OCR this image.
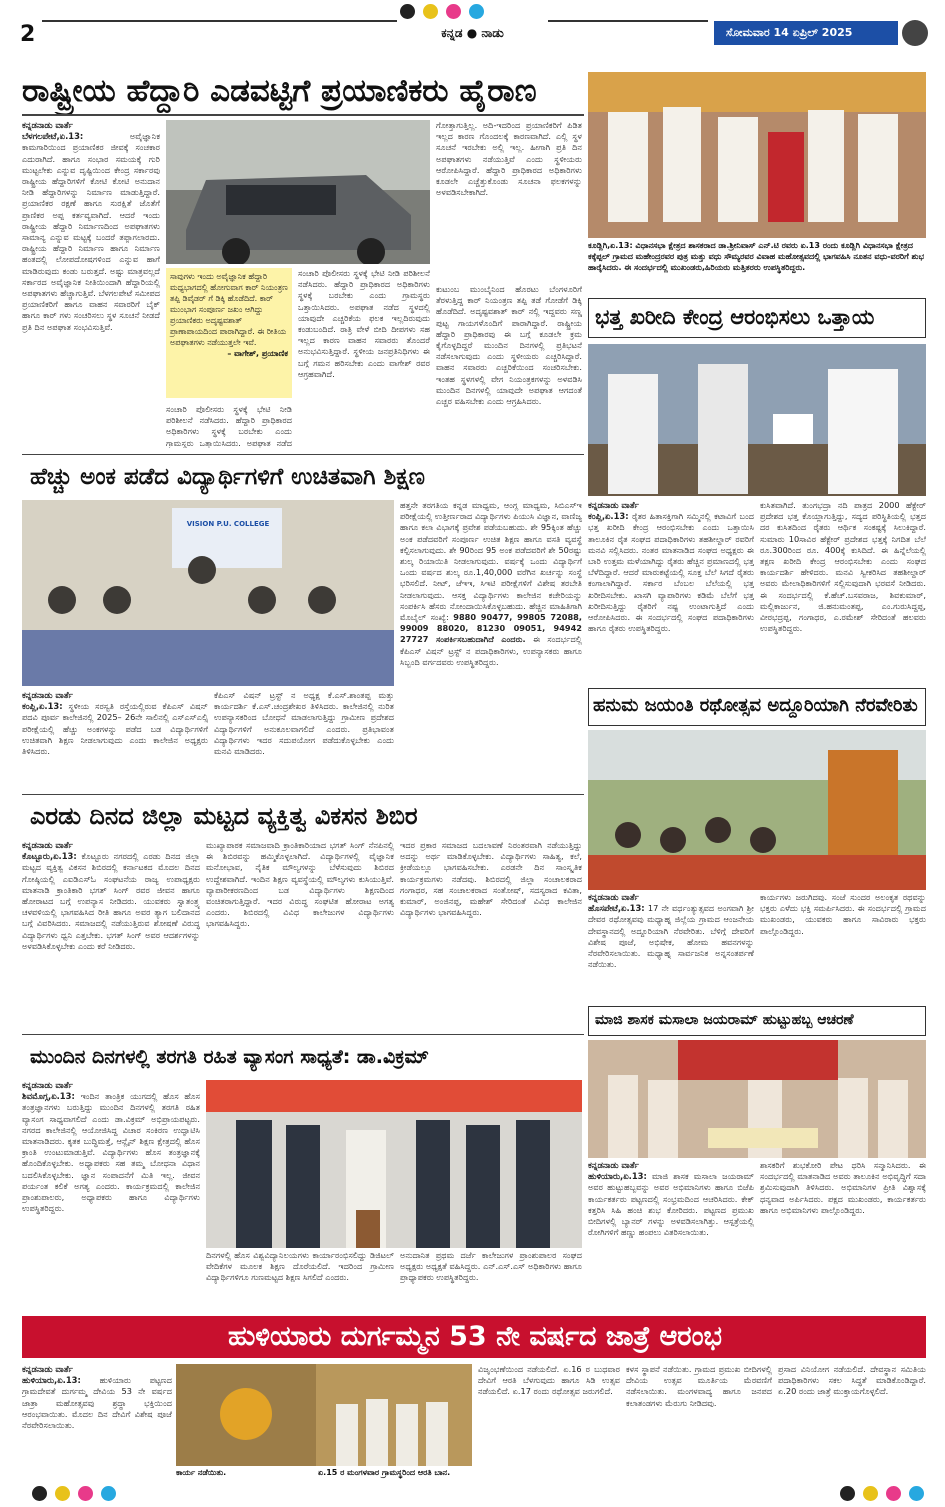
2	ಕನ್ನಡ ● ನಾಡು	ಸೋಮವಾರ 14 ಏಪ್ರಿಲ್ 2025
ರಾಷ್ಟ್ರೀಯ ಹೆದ್ದಾರಿ ಎಡವಟ್ಟಿಗೆ ಪ್ರಯಾಣಿಕರು ಹೈರಾಣ
ಕನ್ನಡನಾಡು ವಾರ್ತೆ
ಬೆಳಗಲಪೇಟೆ,ಏ.13:	ಅವೈಜ್ಞಾನಿಕ ಕಾಮಗಾರಿಯಿಂದ ಪ್ರಯಾಣಿಕರ ಜೀವಕ್ಕೆ ಸಂಚಕಾರ ಎದುರಾಗಿದೆ. ಹಾಗೂ ಸಂಭಾರ ಸಮಯಕ್ಕೆ ಗುರಿ ಮುಟ್ಟಲೇಕು ಎನ್ನುವ ದೃಷ್ಟಿಯಿಂದ ಕೇಂದ್ರ ಸರ್ಕಾರವು ರಾಷ್ಟ್ರೀಯ ಹೆದ್ದಾರಿಗಳಿಗೆ ಕೋಟಿ ಕೋಟಿ ಅನುದಾನ ನೀಡಿ ಹೆದ್ದಾರಿಗಳನ್ನು ನಿರ್ಮಾಣ ಮಾಡುತ್ತಿದ್ದಾರೆ. ಪ್ರಯಾಣಿಕರ ರಕ್ಷಣೆ ಹಾಗೂ ಸುರಕ್ಷಿತೆ ಜೊತೆಗೆ ಪ್ರಾಣಿಕರ ಅಪ್ಪ ಕರ್ತವ್ಯವಾಗಿದೆ. ಆದರೆ ಇಂದು ರಾಷ್ಟ್ರೀಯ ಹೆದ್ದಾರಿ ನಿರ್ಮಾಣದಿಂದ ಅಪಘಾತಗಳು ಸಾಮಾನ್ಯ ಎನ್ನುವ ಮಟ್ಟಕ್ಕೆ ಬಂದರೆ ತಪ್ಪಾಗಲಾರದು. ರಾಷ್ಟ್ರೀಯ ಹೆದ್ದಾರಿ ನಿರ್ಮಾಣ ಹಾಗೂ ನಿರ್ಮಾಣ ಹಂತದಲ್ಲಿ ಲೋಪದೋಷಗಳಿಂದ ಎನ್ನುವ ಹಾಗೆ ಮಾಡಿರುವುದು ಕಂಡು ಬರುತ್ತದೆ. ಅಷ್ಟು ಮಾತ್ರವಲ್ಲದೆ ಸರ್ಕಾರದ ಅವೈಜ್ಞಾನಿಕ ನೀತಿಯಿಂದಾಗಿ ಹೆದ್ದಾರಿಯಲ್ಲಿ ಅಪಘಾತಗಳು ಹೆಚ್ಚಾಗುತ್ತಿವೆ. ಬೆಳಗಲಪೇಟೆ ಸಮೀಪದ ಪ್ರಯಾಣಿಕರಿಗೆ ಹಾಗೂ ವಾಹನ ಸವಾರರಿಗೆ ಬೈಕ್ ಹಾಗೂ ಕಾರ್ ಗಳು ಸಂಚರಿಸಲು ಸ್ಥಳ ಸೂಚನೆ ನೀಡದೆ ಪ್ರತಿ ದಿನ ಅಪಘಾತ ಸಂಭವಿಸುತ್ತಿವೆ.
ಗೋತ್ತಾಗುತ್ತಿಲ್ಲ. ಅದಿ-ಇದರಿಂದ ಪ್ರಯಾಣಿಕರಿಗೆ ಪಿಡಿತ ಇಲ್ಲದ ಕಾರಣ ಗೊಂದಲಕ್ಕೆ ಕಾರಣವಾಗಿದೆ. ಎಲ್ಲಿ ಸ್ಥಳ ಸೂಚನೆ ಇರಬೇಕು ಅಲ್ಲಿ ಇಲ್ಲ. ಹೀಗಾಗಿ ಪ್ರತಿ ದಿನ ಅಪಘಾತಗಳು ನಡೆಯುತ್ತಿವೆ ಎಂದು ಸ್ಥಳೀಯರು ಆರೋಪಿಸಿದ್ದಾರೆ. ಹೆದ್ದಾರಿ ಪ್ರಾಧಿಕಾರದ ಅಧಿಕಾರಿಗಳು ಕೂಡಲೇ ಎಚ್ಚೆತ್ತುಕೊಂಡು ಸೂಚನಾ ಫಲಕಗಳನ್ನು ಅಳವಡಿಸಬೇಕಾಗಿದೆ.
ಸಾವುಗಳು ಇಂದು ಅವೈಜ್ಞಾನಿಕ ಹೆದ್ದಾರಿ ಮಧ್ಯಭಾಗದಲ್ಲಿ ಹೋಗುವಾಗ ಕಾರ್ ನಿಯಂತ್ರಣ ತಪ್ಪಿ ಡಿವೈಡರ್ ಗೆ ಡಿಕ್ಕಿ ಹೊಡೆದಿದೆ. ಕಾರ್ ಮುಂಭಾಗ ಸಂಪೂರ್ಣ ಜಖಂ ಆಗಿದ್ದು ಪ್ರಯಾಣಿಕರು ಅದೃಷ್ಟವಶಾತ್ ಪ್ರಾಣಾಪಾಯದಿಂದ ಪಾರಾಗಿದ್ದಾರೆ. ಈ ರೀತಿಯ ಅಪಘಾತಗಳು ನಡೆಯುತ್ತಲೇ ಇವೆ.
– ವಾಗೇಶ್, ಪ್ರಯಾಣಿಕ
ಸಂಚಾರಿ ಪೊಲೀಸರು ಸ್ಥಳಕ್ಕೆ ಭೇಟಿ ನೀಡಿ ಪರಿಶೀಲನೆ ನಡೆಸಿದರು. ಹೆದ್ದಾರಿ ಪ್ರಾಧಿಕಾರದ ಅಧಿಕಾರಿಗಳು ಸ್ಥಳಕ್ಕೆ ಬರಬೇಕು ಎಂದು ಗ್ರಾಮಸ್ಥರು ಒತ್ತಾಯಿಸಿದರು. ಅಪಘಾತ ನಡೆದ
ಸಂಚಾರಿ ಪೊಲೀಸರು ಸ್ಥಳಕ್ಕೆ ಭೇಟಿ ನೀಡಿ ಪರಿಶೀಲನೆ ನಡೆಸಿದರು. ಹೆದ್ದಾರಿ ಪ್ರಾಧಿಕಾರದ ಅಧಿಕಾರಿಗಳು ಸ್ಥಳಕ್ಕೆ ಬರಬೇಕು ಎಂದು ಗ್ರಾಮಸ್ಥರು ಒತ್ತಾಯಿಸಿದರು. ಅಪಘಾತ ನಡೆದ ಸ್ಥಳದಲ್ಲಿ ಯಾವುದೇ ಎಚ್ಚರಿಕೆಯ ಫಲಕ ಇಲ್ಲದಿರುವುದು ಕಂಡುಬಂದಿದೆ. ರಾತ್ರಿ ವೇಳೆ ಬೀದಿ ದೀಪಗಳು ಸಹ ಇಲ್ಲದ ಕಾರಣ ವಾಹನ ಸವಾರರು ತೊಂದರೆ ಅನುಭವಿಸುತ್ತಿದ್ದಾರೆ. ಸ್ಥಳೀಯ ಜನಪ್ರತಿನಿಧಿಗಳು ಈ ಬಗ್ಗೆ ಗಮನ ಹರಿಸಬೇಕು ಎಂದು ವಾಗೇಶ್ ರವರ ಆಗ್ರಹವಾಗಿದೆ.
ಕುಟುಂಬ ಮುಂಬೈನಿಂದ ಹೊರಟು ಬೆಂಗಳೂರಿಗೆ ತೆರಳುತ್ತಿದ್ದ ಕಾರ್ ನಿಯಂತ್ರಣ ತಪ್ಪಿ ತಡೆ ಗೋಡೆಗೆ ಡಿಕ್ಕಿ ಹೊಡೆದಿದೆ. ಅದೃಷ್ಟವಶಾತ್ ಕಾರ್ ನಲ್ಲಿ ಇದ್ದವರು ಸಣ್ಣ ಪುಟ್ಟ ಗಾಯಗಳೊಂದಿಗೆ ಪಾರಾಗಿದ್ದಾರೆ. ರಾಷ್ಟ್ರೀಯ ಹೆದ್ದಾರಿ ಪ್ರಾಧಿಕಾರವು ಈ ಬಗ್ಗೆ ಕೂಡಲೇ ಕ್ರಮ ಕೈಗೊಳ್ಳದಿದ್ದರೆ ಮುಂದಿನ ದಿನಗಳಲ್ಲಿ ಪ್ರತಿಭಟನೆ ನಡೆಸಲಾಗುವುದು ಎಂದು ಸ್ಥಳೀಯರು ಎಚ್ಚರಿಸಿದ್ದಾರೆ. ವಾಹನ ಸವಾರರು ಎಚ್ಚರಿಕೆಯಿಂದ ಸಂಚರಿಸಬೇಕು. ಇಂತಹ ಸ್ಥಳಗಳಲ್ಲಿ ವೇಗ ನಿಯಂತ್ರಕಗಳನ್ನು ಅಳವಡಿಸಿ ಮುಂದಿನ ದಿನಗಳಲ್ಲಿ ಯಾವುದೇ ಅಪಘಾತ ಆಗದಂತೆ ಎಚ್ಚರ ವಹಿಸಬೇಕು ಎಂದು ಆಗ್ರಹಿಸಿದರು.
ಕೂಡ್ಲಿಗಿ,ಏ.13: ವಿಧಾನಸಭಾ ಕ್ಷೇತ್ರದ ಶಾಸಕರಾದ ಡಾ.ಶ್ರೀನಿವಾಸ್ ಎನ್.ಟಿ ರವರು ಏ.13 ರಂದು ಕೂಡ್ಲಿಗಿ ವಿಧಾನಸಭಾ ಕ್ಷೇತ್ರದ ಕಕ್ಕೆಪ್ಪಲ್ ಗ್ರಾಮದ ಮಹೇಂದ್ರರವರ ಪುತ್ರ ಮತ್ತು ವಧು ಸೌಮ್ಯರವರ ವಿವಾಹ ಮಹೋತ್ಸವದಲ್ಲಿ ಭಾಗವಹಿಸಿ ನೂತನ ವಧು-ವರರಿಗೆ ಶುಭ ಹಾರೈಸಿದರು. ಈ ಸಂದರ್ಭದಲ್ಲಿ ಮುಖಂಡರು,ಹಿರಿಯರು ಮತ್ತಿತರರು ಉಪಸ್ಥಿತರಿದ್ದರು.
ಭತ್ತ ಖರೀದಿ ಕೇಂದ್ರ ಆರಂಭಿಸಲು ಒತ್ತಾಯ
ಕನ್ನಡನಾಡು ವಾರ್ತೆ
ಕಂಪ್ಲಿ,ಏ.13: ರೈತರ ಹಿತಾಸಕ್ತಿಗಾಗಿ ಸಮ್ಮಿನಲ್ಲಿ ಕಟಾವಿಗೆ ಬಂದ ಭತ್ತ ಖರೀದಿ ಕೇಂದ್ರ ಆರಂಭಿಸಬೇಕು ಎಂದು ಒತ್ತಾಯಿಸಿ ತಾಲೂಕಿನ ರೈತ ಸಂಘದ ಪದಾಧಿಕಾರಿಗಳು ತಹಶೀಲ್ದಾರ್ ರವರಿಗೆ ಮನವಿ ಸಲ್ಲಿಸಿದರು. ನಂತರ ಮಾತನಾಡಿದ ಸಂಘದ ಅಧ್ಯಕ್ಷರು ಈ ಬಾರಿ ಉತ್ತಮ ಮಳೆಯಾಗಿದ್ದು ರೈತರು ಹೆಚ್ಚಿನ ಪ್ರಮಾಣದಲ್ಲಿ ಭತ್ತ ಬೆಳೆದಿದ್ದಾರೆ. ಆದರೆ ಮಾರುಕಟ್ಟೆಯಲ್ಲಿ ಸೂಕ್ತ ಬೆಲೆ ಸಿಗದೆ ರೈತರು ಕಂಗಾಲಾಗಿದ್ದಾರೆ. ಸರ್ಕಾರ ಬೆಂಬಲ ಬೆಲೆಯಲ್ಲಿ ಭತ್ತ ಖರೀದಿಸಬೇಕು. ಖಾಸಗಿ ವ್ಯಾಪಾರಿಗಳು ಕಡಿಮೆ ಬೆಲೆಗೆ ಭತ್ತ ಖರೀದಿಸುತ್ತಿದ್ದು ರೈತರಿಗೆ ನಷ್ಟ ಉಂಟಾಗುತ್ತಿದೆ ಎಂದು ಆರೋಪಿಸಿದರು. ಈ ಸಂದರ್ಭದಲ್ಲಿ ಸಂಘದ ಪದಾಧಿಕಾರಿಗಳು ಹಾಗೂ ರೈತರು ಉಪಸ್ಥಿತರಿದ್ದರು.
ಕುಸಿತವಾಗಿದೆ. ತುಂಗಭದ್ರಾ ನದಿ ಪಾತ್ರದ 2000 ಹೆಕ್ಟೇರ್ ಪ್ರದೇಶದ ಭತ್ತ ಕೊಯ್ಲಾಗುತ್ತಿದ್ದು, ಸದ್ಯದ ಪರಿಸ್ಥಿತಿಯಲ್ಲಿ ಭತ್ತದ ದರ ಕುಸಿತದಿಂದ ರೈತರು ಆರ್ಥಿಕ ಸಂಕಷ್ಟಕ್ಕೆ ಸಿಲುಕಿದ್ದಾರೆ. ಸುಮಾರು 10ಸಾವಿರ ಹೆಕ್ಟೇರ್ ಪ್ರದೇಶದ ಭತ್ತಕ್ಕೆ ನಿಗದಿತ ಬೆಲೆ ರೂ.300ರಿಂದ ರೂ. 400ಕ್ಕೆ ಕುಸಿದಿದೆ. ಈ ಹಿನ್ನೆಲೆಯಲ್ಲಿ ತಕ್ಷಣ ಖರೀದಿ ಕೇಂದ್ರ ಆರಂಭಿಸಬೇಕು ಎಂದು ಸಂಘದ ಕಾರ್ಯದರ್ಶಿ ಹೇಳಿದರು. ಮನವಿ ಸ್ವೀಕರಿಸಿದ ತಹಶೀಲ್ದಾರ್ ಅವರು ಮೇಲಾಧಿಕಾರಿಗಳಿಗೆ ಸಲ್ಲಿಸುವುದಾಗಿ ಭರವಸೆ ನೀಡಿದರು. ಈ ಸಂದರ್ಭದಲ್ಲಿ ಕೆ.ಹೆಚ್.ಬಸವರಾಜ, ಶಿವಕುಮಾರ್, ಮಲ್ಲಿಕಾರ್ಜುನ, ಜಿ.ಹನುಮಂತಪ್ಪ, ಎಂ.ಗುರುಸಿದ್ದಪ್ಪ, ವೀರಭದ್ರಪ್ಪ, ಗಂಗಾಧರ, ಎ.ರಮೇಶ್ ಸೇರಿದಂತೆ ಹಲವರು ಉಪಸ್ಥಿತರಿದ್ದರು.
ಹೆಚ್ಚು ಅಂಕ ಪಡೆದ ವಿದ್ಯಾರ್ಥಿಗಳಿಗೆ ಉಚಿತವಾಗಿ ಶಿಕ್ಷಣ
VISION P.U. COLLEGE
ಕನ್ನಡನಾಡು ವಾರ್ತೆ
ಕಂಪ್ಲಿ,ಏ.13: ಸ್ಥಳೀಯ ಸರಸ್ವತಿ ರಸ್ತೆಯಲ್ಲಿರುವ ಕೆಪಿಎಸ್ ವಿಷನ್ ಪದವಿ ಪೂರ್ವ ಕಾಲೇಜಿನಲ್ಲಿ 2025– 26ನೇ ಸಾಲಿನಲ್ಲಿ ಎಸ್ಎಸ್ಎಲ್ಸಿ ಪರೀಕ್ಷೆಯಲ್ಲಿ ಹೆಚ್ಚು ಅಂಕಗಳನ್ನು ಪಡೆದ ಬಡ ವಿದ್ಯಾರ್ಥಿಗಳಿಗೆ ಉಚಿತವಾಗಿ ಶಿಕ್ಷಣ ನೀಡಲಾಗುವುದು ಎಂದು ಕಾಲೇಜಿನ ಅಧ್ಯಕ್ಷರು ತಿಳಿಸಿದರು.
ಕೆಪಿಎಸ್ ವಿಷನ್ ಟ್ರಸ್ಟ್ ನ ಅಧ್ಯಕ್ಷ ಕೆ.ಎಸ್.ಶಾಂತಪ್ಪ ಮತ್ತು ಕಾರ್ಯದರ್ಶಿ ಕೆ.ಎಸ್.ಚಂದ್ರಶೇಖರ ತಿಳಿಸಿದರು. ಕಾಲೇಜಿನಲ್ಲಿ ನುರಿತ ಉಪನ್ಯಾಸಕರಿಂದ ಬೋಧನೆ ಮಾಡಲಾಗುತ್ತಿದ್ದು ಗ್ರಾಮೀಣ ಪ್ರದೇಶದ ವಿದ್ಯಾರ್ಥಿಗಳಿಗೆ ಅನುಕೂಲವಾಗಲಿದೆ ಎಂದರು. ಪ್ರತಿಭಾವಂತ ವಿದ್ಯಾರ್ಥಿಗಳು ಇದರ ಸದುಪಯೋಗ ಪಡೆದುಕೊಳ್ಳಬೇಕು ಎಂದು ಮನವಿ ಮಾಡಿದರು.
ಹತ್ತನೇ ತರಗತಿಯ ಕನ್ನಡ ಮಾಧ್ಯಮ, ಆಂಗ್ಲ ಮಾಧ್ಯಮ, ಸಿಬಿಎಸ್ಇ ಪರೀಕ್ಷೆಯಲ್ಲಿ ಉತ್ತೀರ್ಣರಾದ ವಿದ್ಯಾರ್ಥಿಗಳು ಪಿಯುಸಿ ವಿಜ್ಞಾನ, ವಾಣಿಜ್ಯ ಹಾಗೂ ಕಲಾ ವಿಭಾಗಕ್ಕೆ ಪ್ರವೇಶ ಪಡೆಯಬಹುದು. ಶೇ 95ಕ್ಕಿಂತ ಹೆಚ್ಚು ಅಂಕ ಪಡೆದವರಿಗೆ ಸಂಪೂರ್ಣ ಉಚಿತ ಶಿಕ್ಷಣ ಹಾಗೂ ವಸತಿ ವ್ಯವಸ್ಥೆ ಕಲ್ಪಿಸಲಾಗುವುದು. ಶೇ 90ರಿಂದ 95 ಅಂಕ ಪಡೆದವರಿಗೆ ಶೇ 50ರಷ್ಟು ಶುಲ್ಕ ರಿಯಾಯಿತಿ ನೀಡಲಾಗುವುದು. ವರ್ಷಕ್ಕೆ ಒಂದು ವಿದ್ಯಾರ್ಥಿಗೆ ಒಂದು ವರ್ಷದ ಶುಲ್ಕ ರೂ.1,40,000 ವರೆಗಿನ ಖರ್ಚನ್ನು ಸಂಸ್ಥೆ ಭರಿಸಲಿದೆ. ನೀಟ್, ಜೆಇಇ, ಸಿಇಟಿ ಪರೀಕ್ಷೆಗಳಿಗೆ ವಿಶೇಷ ತರಬೇತಿ ನೀಡಲಾಗುವುದು. ಆಸಕ್ತ ವಿದ್ಯಾರ್ಥಿಗಳು ಕಾಲೇಜಿನ ಕಚೇರಿಯನ್ನು ಸಂಪರ್ಕಿಸಿ ಹೆಸರು ನೋಂದಾಯಿಸಿಕೊಳ್ಳಬಹುದು. ಹೆಚ್ಚಿನ ಮಾಹಿತಿಗಾಗಿ ಮೊಬೈಲ್ ಸಂಖ್ಯೆ: 9880 90477, 99805 72088, 99009 88020, 81230 09051, 94942 27727 ಸಂಪರ್ಕಿಸಬಹುದಾಗಿದೆ ಎಂದರು. ಈ ಸಂದರ್ಭದಲ್ಲಿ ಕೆಪಿಎಸ್ ವಿಷನ್ ಟ್ರಸ್ಟ್ ನ ಪದಾಧಿಕಾರಿಗಳು, ಉಪನ್ಯಾಸಕರು ಹಾಗೂ ಸಿಬ್ಬಂದಿ ವರ್ಗದವರು ಉಪಸ್ಥಿತರಿದ್ದರು.
ಹನುಮ ಜಯಂತಿ ರಥೋತ್ಸವ ಅದ್ದೂರಿಯಾಗಿ ನೆರವೇರಿತು
ಕನ್ನಡನಾಡು ವಾರ್ತೆ
ಹೊಸಪೇಟೆ,ಏ.13: 17 ನೇ ವರ್ಧಂತ್ಯುತ್ಸವದ ಅಂಗವಾಗಿ ಶ್ರೀ ದೇವರ ರಥೋತ್ಸವವು ಮಧ್ಯಾಹ್ನ ಜಿಲ್ಲೆಯ ಗ್ರಾಮದ ಆಂಜನೇಯ ದೇವಸ್ಥಾನದಲ್ಲಿ ಅದ್ದೂರಿಯಾಗಿ ನೆರವೇರಿತು. ಬೆಳಿಗ್ಗೆ ದೇವರಿಗೆ ವಿಶೇಷ ಪೂಜೆ, ಅಭಿಷೇಕ, ಹೋಮ ಹವನಗಳನ್ನು ನೆರವೇರಿಸಲಾಯಿತು. ಮಧ್ಯಾಹ್ನ ಸಾರ್ವಜನಿಕ ಅನ್ನಸಂತರ್ಪಣೆ ನಡೆಯಿತು.
ಕಾರ್ಯಗಳು ಜರುಗಿದವು. ಸಂಜೆ ಸುಂದರ ಅಲಂಕೃತ ರಥವನ್ನು ಭಕ್ತರು ಎಳೆದು ಭಕ್ತಿ ಸಮರ್ಪಿಸಿದರು. ಈ ಸಂದರ್ಭದಲ್ಲಿ ಗ್ರಾಮದ ಮುಖಂಡರು, ಯುವಕರು ಹಾಗೂ ಸಾವಿರಾರು ಭಕ್ತರು ಪಾಲ್ಗೊಂಡಿದ್ದರು.
ಎರಡು ದಿನದ ಜಿಲ್ಲಾ ಮಟ್ಟದ ವ್ಯಕ್ತಿತ್ವ ವಿಕಸನ ಶಿಬಿರ
ಕನ್ನಡನಾಡು ವಾರ್ತೆ
ಕೊಟ್ಟೂರು,ಏ.13: ಕೊಟ್ಟೂರು ನಗರದಲ್ಲಿ ಎರಡು ದಿನದ ಜಿಲ್ಲಾ ಮಟ್ಟದ ವ್ಯಕ್ತಿತ್ವ ವಿಕಸನ ಶಿಬಿರದಲ್ಲಿ ಕರ್ನಾಟಕದ ಮೊದಲ ದಿನದ ಗೋಷ್ಠಿಯಲ್ಲಿ ಎಐಡಿಎಸ್ಓ ಸಂಘಟನೆಯ ರಾಜ್ಯ ಉಪಾಧ್ಯಕ್ಷರು ಮಾತನಾಡಿ ಕ್ರಾಂತಿಕಾರಿ ಭಗತ್ ಸಿಂಗ್ ರವರ ಜೀವನ ಹಾಗೂ ಹೋರಾಟದ ಬಗ್ಗೆ ಉಪನ್ಯಾಸ ನೀಡಿದರು. ಯುವಕರು ಸ್ವಾತಂತ್ರ್ಯ ಚಳವಳಿಯಲ್ಲಿ ಭಾಗವಹಿಸಿದ ರೀತಿ ಹಾಗೂ ಅವರ ತ್ಯಾಗ ಬಲಿದಾನದ ಬಗ್ಗೆ ವಿವರಿಸಿದರು. ಸಮಾಜದಲ್ಲಿ ನಡೆಯುತ್ತಿರುವ ಶೋಷಣೆ ವಿರುದ್ಧ ವಿದ್ಯಾರ್ಥಿಗಳು ಧ್ವನಿ ಎತ್ತಬೇಕು. ಭಗತ್ ಸಿಂಗ್ ಅವರ ಆದರ್ಶಗಳನ್ನು ಅಳವಡಿಸಿಕೊಳ್ಳಬೇಕು ಎಂದು ಕರೆ ನೀಡಿದರು.
ಮುಖ್ಯಾಪಾಠಕ ಸಮಾಜವಾದಿ ಕ್ರಾಂತಿಕಾರಿಯಾದ ಭಗತ್ ಸಿಂಗ್ ನೆನಪಿನಲ್ಲಿ ಈ ಶಿಬಿರವನ್ನು ಹಮ್ಮಿಕೊಳ್ಳಲಾಗಿದೆ. ವಿದ್ಯಾರ್ಥಿಗಳಲ್ಲಿ ವೈಜ್ಞಾನಿಕ ಮನೋಭಾವ, ನೈತಿಕ ಮೌಲ್ಯಗಳನ್ನು ಬೆಳೆಸುವುದು ಶಿಬಿರದ ಉದ್ದೇಶವಾಗಿದೆ. ಇಂದಿನ ಶಿಕ್ಷಣ ವ್ಯವಸ್ಥೆಯಲ್ಲಿ ಮೌಲ್ಯಗಳು ಕುಸಿಯುತ್ತಿವೆ. ವ್ಯಾಪಾರೀಕರಣದಿಂದ ಬಡ ವಿದ್ಯಾರ್ಥಿಗಳು ಶಿಕ್ಷಣದಿಂದ ವಂಚಿತರಾಗುತ್ತಿದ್ದಾರೆ. ಇದರ ವಿರುದ್ಧ ಸಂಘಟಿತ ಹೋರಾಟ ಅಗತ್ಯ ಎಂದರು. ಶಿಬಿರದಲ್ಲಿ ವಿವಿಧ ಕಾಲೇಜುಗಳ ವಿದ್ಯಾರ್ಥಿಗಳು ಭಾಗವಹಿಸಿದ್ದರು.
ಇದರ ಪ್ರಕಾರ ಸಮಾಜದ ಬದಲಾವಣೆ ನಿರಂತರವಾಗಿ ನಡೆಯುತ್ತಿದ್ದು ಅದನ್ನು ಅರ್ಥ ಮಾಡಿಕೊಳ್ಳಬೇಕು. ವಿದ್ಯಾರ್ಥಿಗಳು ಸಾಹಿತ್ಯ, ಕಲೆ, ಕ್ರೀಡೆಯಲ್ಲೂ ಭಾಗವಹಿಸಬೇಕು. ಎರಡನೇ ದಿನ ಸಾಂಸ್ಕೃತಿಕ ಕಾರ್ಯಕ್ರಮಗಳು ನಡೆದವು. ಶಿಬಿರದಲ್ಲಿ ಜಿಲ್ಲಾ ಸಂಚಾಲಕರಾದ ಗಂಗಾಧರ, ಸಹ ಸಂಚಾಲಕರಾದ ಸಂತೋಷ್, ಸದಸ್ಯರಾದ ಕವಿತಾ, ಕುಮಾರ್, ಅಂಜಿನಪ್ಪ, ಮಹೇಶ್ ಸೇರಿದಂತೆ ವಿವಿಧ ಕಾಲೇಜಿನ ವಿದ್ಯಾರ್ಥಿಗಳು ಭಾಗವಹಿಸಿದ್ದರು.
ಮಾಜಿ ಶಾಸಕ ಮಸಾಲಾ ಜಯರಾಮ್ ಹುಟ್ಟುಹಬ್ಬ ಆಚರಣೆ
ಕನ್ನಡನಾಡು ವಾರ್ತೆ
ಹುಳಿಯಾರು,ಏ.13: ಮಾಜಿ ಶಾಸಕ ಮಸಾಲಾ ಜಯರಾಮ್ ಅವರ ಹುಟ್ಟುಹಬ್ಬವನ್ನು ಅವರ ಅಭಿಮಾನಿಗಳು ಹಾಗೂ ಬಿಜೆಪಿ ಕಾರ್ಯಕರ್ತರು ಪಟ್ಟಣದಲ್ಲಿ ಸಂಭ್ರಮದಿಂದ ಆಚರಿಸಿದರು. ಕೇಕ್ ಕತ್ತರಿಸಿ ಸಿಹಿ ಹಂಚಿ ಶುಭ ಕೋರಿದರು. ಪಟ್ಟಣದ ಪ್ರಮುಖ ಬೀದಿಗಳಲ್ಲಿ ಬ್ಯಾನರ್ ಗಳನ್ನು ಅಳವಡಿಸಲಾಗಿತ್ತು. ಆಸ್ಪತ್ರೆಯಲ್ಲಿ ರೋಗಿಗಳಿಗೆ ಹಣ್ಣು ಹಂಪಲು ವಿತರಿಸಲಾಯಿತು.
ಶಾಸಕರಿಗೆ ಶುಭಕೋರಿ ಪೇಟ ಧರಿಸಿ ಸನ್ಮಾನಿಸಿದರು. ಈ ಸಂದರ್ಭದಲ್ಲಿ ಮಾತನಾಡಿದ ಅವರು ತಾಲೂಕಿನ ಅಭಿವೃದ್ಧಿಗೆ ಸದಾ ಶ್ರಮಿಸುವುದಾಗಿ ತಿಳಿಸಿದರು. ಅಭಿಮಾನಿಗಳ ಪ್ರೀತಿ ವಿಶ್ವಾಸಕ್ಕೆ ಧನ್ಯವಾದ ಅರ್ಪಿಸಿದರು. ಪಕ್ಷದ ಮುಖಂಡರು, ಕಾರ್ಯಕರ್ತರು ಹಾಗೂ ಅಭಿಮಾನಿಗಳು ಪಾಲ್ಗೊಂಡಿದ್ದರು.
ಮುಂದಿನ ದಿನಗಳಲ್ಲಿ ತರಗತಿ ರಹಿತ ವ್ಯಾಸಂಗ ಸಾಧ್ಯತೆ: ಡಾ.ವಿಕ್ರಮ್
ಕನ್ನಡನಾಡು ವಾರ್ತೆ
ಶಿವಮೊಗ್ಗ,ಏ.13: ಇಂದಿನ ತಾಂತ್ರಿಕ ಯುಗದಲ್ಲಿ ಹೊಸ ಹೊಸ ತಂತ್ರಜ್ಞಾನಗಳು ಬರುತ್ತಿದ್ದು ಮುಂದಿನ ದಿನಗಳಲ್ಲಿ ತರಗತಿ ರಹಿತ ವ್ಯಾಸಂಗ ಸಾಧ್ಯವಾಗಲಿದೆ ಎಂದು ಡಾ.ವಿಕ್ರಮ್ ಅಭಿಪ್ರಾಯಪಟ್ಟರು. ನಗರದ ಕಾಲೇಜಿನಲ್ಲಿ ಆಯೋಜಿಸಿದ್ದ ವಿಚಾರ ಸಂಕಿರಣ ಉದ್ಘಾಟಿಸಿ ಮಾತನಾಡಿದರು. ಕೃತಕ ಬುದ್ಧಿಮತ್ತೆ, ಆನ್ಲೈನ್ ಶಿಕ್ಷಣ ಕ್ಷೇತ್ರದಲ್ಲಿ ಹೊಸ ಕ್ರಾಂತಿ ಉಂಟುಮಾಡುತ್ತಿವೆ. ವಿದ್ಯಾರ್ಥಿಗಳು ಹೊಸ ತಂತ್ರಜ್ಞಾನಕ್ಕೆ ಹೊಂದಿಕೊಳ್ಳಬೇಕು. ಅಧ್ಯಾಪಕರು ಸಹ ತಮ್ಮ ಬೋಧನಾ ವಿಧಾನ ಬದಲಿಸಿಕೊಳ್ಳಬೇಕು. ಜ್ಞಾನ ಸಂಪಾದನೆಗೆ ಮಿತಿ ಇಲ್ಲ. ಜೀವನ ಪರ್ಯಂತ ಕಲಿಕೆ ಅಗತ್ಯ ಎಂದರು. ಕಾರ್ಯಕ್ರಮದಲ್ಲಿ ಕಾಲೇಜಿನ ಪ್ರಾಂಶುಪಾಲರು, ಅಧ್ಯಾಪಕರು ಹಾಗೂ ವಿದ್ಯಾರ್ಥಿಗಳು ಉಪಸ್ಥಿತರಿದ್ದರು.
ದಿನಗಳಲ್ಲಿ ಹೊಸ ವಿಶ್ವವಿದ್ಯಾನಿಲಯಗಳು ಕಾರ್ಯಾರಂಭಿಸಲಿದ್ದು ಡಿಜಿಟಲ್ ವೇದಿಕೆಗಳ ಮೂಲಕ ಶಿಕ್ಷಣ ದೊರೆಯಲಿದೆ. ಇದರಿಂದ ಗ್ರಾಮೀಣ ವಿದ್ಯಾರ್ಥಿಗಳಿಗೂ ಗುಣಮಟ್ಟದ ಶಿಕ್ಷಣ ಸಿಗಲಿದೆ ಎಂದರು.
ಅನುದಾನಿತ ಪ್ರಥಮ ದರ್ಜೆ ಕಾಲೇಜುಗಳ ಪ್ರಾಂಶುಪಾಲರ ಸಂಘದ ಅಧ್ಯಕ್ಷರು ಅಧ್ಯಕ್ಷತೆ ವಹಿಸಿದ್ದರು. ಎನ್.ಎಸ್.ಎಸ್ ಅಧಿಕಾರಿಗಳು ಹಾಗೂ ಪ್ರಾಧ್ಯಾಪಕರು ಉಪಸ್ಥಿತರಿದ್ದರು.
ಹುಳಿಯಾರು ದುರ್ಗಮ್ಮನ 53 ನೇ ವರ್ಷದ ಜಾತ್ರೆ ಆರಂಭ
ಕನ್ನಡನಾಡು ವಾರ್ತೆ
ಹುಳಿಯಾರು,ಏ.13: ಹುಳಿಯಾರು ಪಟ್ಟಣದ ಗ್ರಾಮದೇವತೆ ದುರ್ಗಮ್ಮ ದೇವಿಯ 53 ನೇ ವರ್ಷದ ಜಾತ್ರಾ ಮಹೋತ್ಸವವು ಶ್ರದ್ಧಾ ಭಕ್ತಿಯಿಂದ ಆರಂಭವಾಯಿತು. ಮೊದಲ ದಿನ ದೇವಿಗೆ ವಿಶೇಷ ಪೂಜೆ ನೆರವೇರಿಸಲಾಯಿತು.
ಕಾರ್ಯ ನಡೆಯಿತು.	ಏ.15 ರ ಮಂಗಳವಾರ ಗ್ರಾಮಸ್ಥರಿಂದ ಆರತಿ ಬಾನ.
ವಿಜೃಂಭಣೆಯಿಂದ ನಡೆಯಲಿದೆ. ಏ.16 ರ ಬುಧವಾರ ದೇವಿಗೆ ಆರತಿ ಬೆಳಗುವುದು ಹಾಗೂ ಸಿಡಿ ಉತ್ಸವ ನಡೆಯಲಿದೆ. ಏ.17 ರಂದು ರಥೋತ್ಸವ ಜರುಗಲಿದೆ.
ಕಳಸ ಸ್ಥಾಪನೆ ನಡೆಯಿತು. ಗ್ರಾಮದ ಪ್ರಮುಖ ಬೀದಿಗಳಲ್ಲಿ ದೇವಿಯ ಉತ್ಸವ ಮೂರ್ತಿಯ ಮೆರವಣಿಗೆ ನಡೆಸಲಾಯಿತು. ಮಂಗಳವಾದ್ಯ ಹಾಗೂ ಜನಪದ ಕಲಾತಂಡಗಳು ಮೆರುಗು ನೀಡಿದವು.
ಪ್ರಸಾದ ವಿನಿಯೋಗ ನಡೆಯಲಿದೆ. ದೇವಸ್ಥಾನ ಸಮಿತಿಯ ಪದಾಧಿಕಾರಿಗಳು ಸಕಲ ಸಿದ್ಧತೆ ಮಾಡಿಕೊಂಡಿದ್ದಾರೆ. ಏ.20 ರಂದು ಜಾತ್ರೆ ಮುಕ್ತಾಯಗೊಳ್ಳಲಿದೆ.
